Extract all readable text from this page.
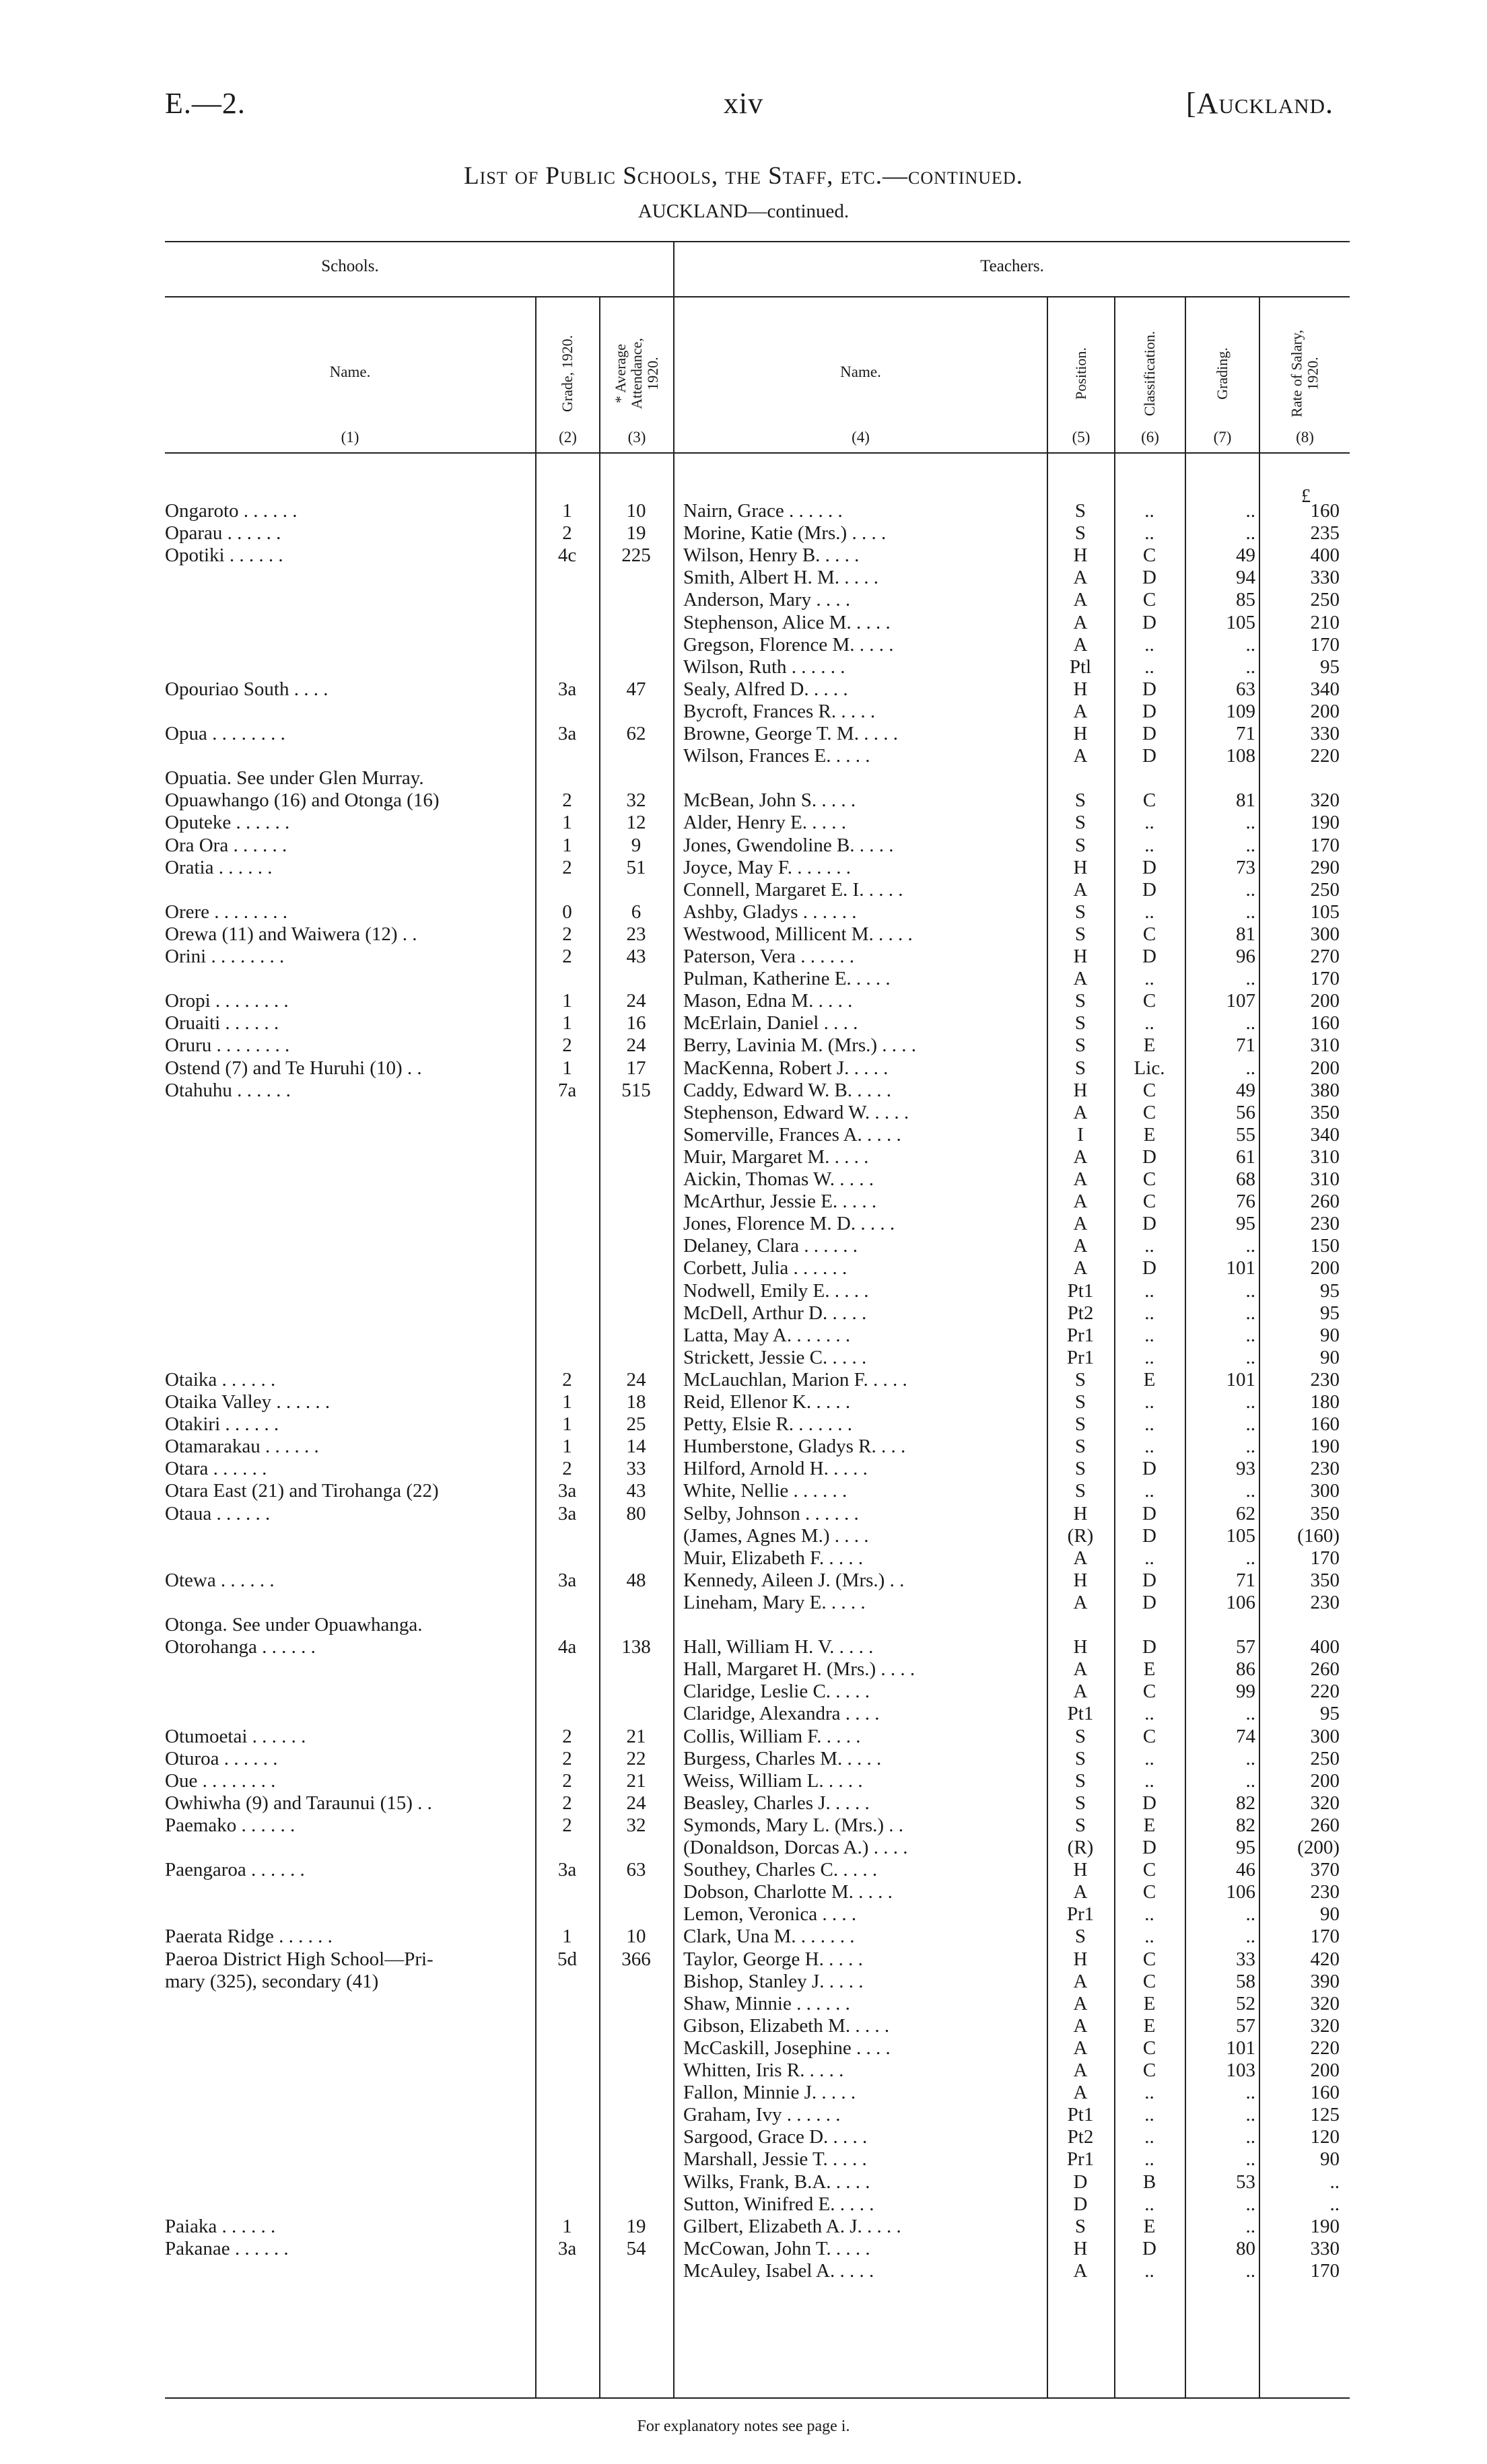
E.—2.	xiv	[Auckland.
List of Public Schools, the Staff, etc.—continued.
AUCKLAND—continued.
Schools.	Teachers.
Name.	Grade, 1920. * Average Attendance, 1920.	Name.	Position.	Classification.	Grading.	Rate of Salary, 1920.
(1)	(2)	(3)	(4)	(5)	(6)	(7)	(8)
£
Ongaroto . . . . . .	1	10	Nairn, Grace . . . . . .	S	..	..	160
Oparau . . . . . .	2	19	Morine, Katie (Mrs.) . . . .	S	..	..	235
Opotiki . . . . . .	4c	225	Wilson, Henry B. . . . .	H	C	49	400
Smith, Albert H. M. . . . .	A	D	94	330
Anderson, Mary . . . .	A	C	85	250
Stephenson, Alice M. . . . .	A	D	105	210
Gregson, Florence M. . . . .	A	..	..	170
Wilson, Ruth . . . . . .	Ptl	..	..	95
Opouriao South . . . .	3a	47	Sealy, Alfred D. . . . .	H	D	63	340
Bycroft, Frances R. . . . .	A	D	109	200
Opua . . . . . . . .	3a	62	Browne, George T. M. . . . .	H	D	71	330
Wilson, Frances E. . . . .	A	D	108	220
Opuatia. See under Glen Murray.
Opuawhango (16) and Otonga (16)	2	32	McBean, John S. . . . .	S	C	81	320
Oputeke . . . . . .	1	12	Alder, Henry E. . . . .	S	..	..	190
Ora Ora . . . . . .	1	9	Jones, Gwendoline B. . . . .	S	..	..	170
Oratia . . . . . .	2	51	Joyce, May F. . . . . . .	H	D	73	290
Connell, Margaret E. I. . . . .	A	D	..	250
Orere . . . . . . . .	0	6	Ashby, Gladys . . . . . .	S	..	..	105
Orewa (11) and Waiwera (12) . .	2	23	Westwood, Millicent M. . . . .	S	C	81	300
Orini . . . . . . . .	2	43	Paterson, Vera . . . . . .	H	D	96	270
Pulman, Katherine E. . . . .	A	..	..	170
Oropi . . . . . . . .	1	24	Mason, Edna M. . . . .	S	C	107	200
Oruaiti . . . . . .	1	16	McErlain, Daniel . . . .	S	..	..	160
Oruru . . . . . . . .	2	24	Berry, Lavinia M. (Mrs.) . . . .	S	E	71	310
Ostend (7) and Te Huruhi (10) . .	1	17	MacKenna, Robert J. . . . .	S	Lic.	..	200
Otahuhu . . . . . .	7a	515	Caddy, Edward W. B. . . . .	H	C	49	380
Stephenson, Edward W. . . . .	A	C	56	350
Somerville, Frances A. . . . .	I	E	55	340
Muir, Margaret M. . . . .	A	D	61	310
Aickin, Thomas W. . . . .	A	C	68	310
McArthur, Jessie E. . . . .	A	C	76	260
Jones, Florence M. D. . . . .	A	D	95	230
Delaney, Clara . . . . . .	A	..	..	150
Corbett, Julia . . . . . .	A	D	101	200
Nodwell, Emily E. . . . .	Pt1	..	..	95
McDell, Arthur D. . . . .	Pt2	..	..	95
Latta, May A. . . . . . .	Pr1	..	..	90
Strickett, Jessie C. . . . .	Pr1	..	..	90
Otaika . . . . . .	2	24	McLauchlan, Marion F. . . . .	S	E	101	230
Otaika Valley . . . . . .	1	18	Reid, Ellenor K. . . . .	S	..	..	180
Otakiri . . . . . .	1	25	Petty, Elsie R. . . . . . .	S	..	..	160
Otamarakau . . . . . .	1	14	Humberstone, Gladys R. . . .	S	..	..	190
Otara . . . . . .	2	33	Hilford, Arnold H. . . . .	S	D	93	230
Otara East (21) and Tirohanga (22)	3a	43	White, Nellie . . . . . .	S	..	..	300
Otaua . . . . . .	3a	80	Selby, Johnson . . . . . .	H	D	62	350
(James, Agnes M.) . . . .	(R)	D	105	(160)
Muir, Elizabeth F. . . . .	A	..	..	170
Otewa . . . . . .	3a	48	Kennedy, Aileen J. (Mrs.) . .	H	D	71	350
Lineham, Mary E. . . . .	A	D	106	230
Otonga. See under Opuawhanga.
Otorohanga . . . . . .	4a	138	Hall, William H. V. . . . .	H	D	57	400
Hall, Margaret H. (Mrs.) . . . .	A	E	86	260
Claridge, Leslie C. . . . .	A	C	99	220
Claridge, Alexandra . . . .	Pt1	..	..	95
Otumoetai . . . . . .	2	21	Collis, William F. . . . .	S	C	74	300
Oturoa . . . . . .	2	22	Burgess, Charles M. . . . .	S	..	..	250
Oue . . . . . . . .	2	21	Weiss, William L. . . . .	S	..	..	200
Owhiwha (9) and Taraunui (15) . .	2	24	Beasley, Charles J. . . . .	S	D	82	320
Paemako . . . . . .	2	32	Symonds, Mary L. (Mrs.) . .	S	E	82	260
(Donaldson, Dorcas A.) . . . .	(R)	D	95	(200)
Paengaroa . . . . . .	3a	63	Southey, Charles C. . . . .	H	C	46	370
Dobson, Charlotte M. . . . .	A	C	106	230
Lemon, Veronica . . . .	Pr1	..	..	90
Paerata Ridge . . . . . .	1	10	Clark, Una M. . . . . . .	S	..	..	170
Paeroa District High School—Pri-	5d	366	Taylor, George H. . . . .	H	C	33	420
mary (325), secondary (41)	Bishop, Stanley J. . . . .	A	C	58	390
Shaw, Minnie . . . . . .	A	E	52	320
Gibson, Elizabeth M. . . . .	A	E	57	320
McCaskill, Josephine . . . .	A	C	101	220
Whitten, Iris R. . . . .	A	C	103	200
Fallon, Minnie J. . . . .	A	..	..	160
Graham, Ivy . . . . . .	Pt1	..	..	125
Sargood, Grace D. . . . .	Pt2	..	..	120
Marshall, Jessie T. . . . .	Pr1	..	..	90
Wilks, Frank, B.A. . . . .	D	B	53	..
Sutton, Winifred E. . . . .	D	..	..	..
Paiaka . . . . . .	1	19	Gilbert, Elizabeth A. J. . . . .	S	E	..	190
Pakanae . . . . . .	3a	54	McCowan, John T. . . . .	H	D	80	330
McAuley, Isabel A. . . . .	A	..	..	170
For explanatory notes see page i.
